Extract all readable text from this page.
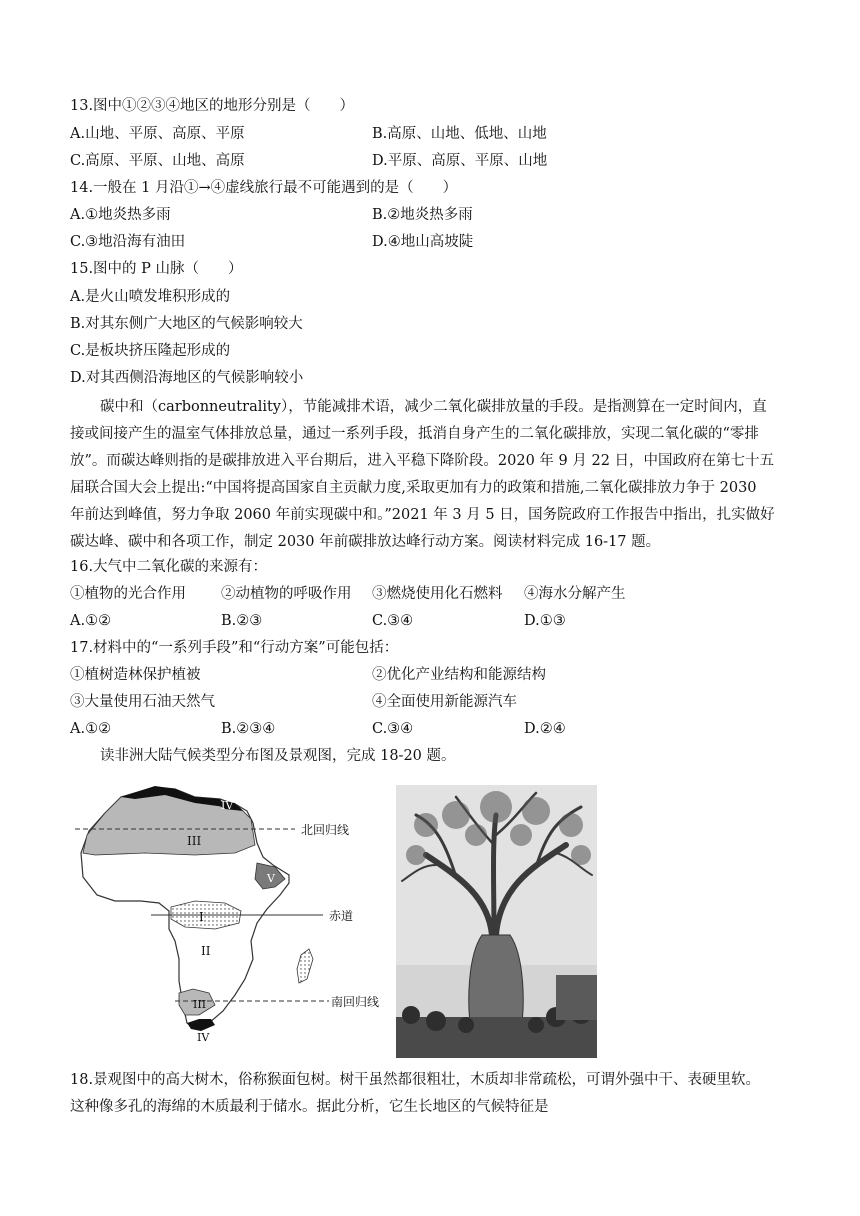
13.图中①②③④地区的地形分别是（　　）
A.山地、平原、高原、平原	B.高原、山地、低地、山地
C.高原、平原、山地、高原	D.平原、高原、平原、山地
14.一般在 1 月沿①→④虚线旅行最不可能遇到的是（　　）
A.①地炎热多雨	B.②地炎热多雨
C.③地沿海有油田	D.④地山高坡陡
15.图中的 P 山脉（　　）
A.是火山喷发堆积形成的
B.对其东侧广大地区的气候影响较大
C.是板块挤压隆起形成的
D.对其西侧沿海地区的气候影响较小
碳中和（carbonneutrality），节能减排术语，减少二氧化碳排放量的手段。是指测算在一定时间内，直
接或间接产生的温室气体排放总量，通过一系列手段，抵消自身产生的二氧化碳排放，实现二氧化碳的“零排
放”。而碳达峰则指的是碳排放进入平台期后，进入平稳下降阶段。2020 年 9 月 22 日，中国政府在第七十五
届联合国大会上提出:“中国将提高国家自主贡献力度,采取更加有力的政策和措施,二氧化碳排放力争于 2030
年前达到峰值，努力争取 2060 年前实现碳中和。”2021 年 3 月 5 日，国务院政府工作报告中指出，扎实做好
碳达峰、碳中和各项工作，制定 2030 年前碳排放达峰行动方案。阅读材料完成 16-17 题。
16.大气中二氧化碳的来源有：
①植物的光合作用 ②动植物的呼吸作用 ③燃烧使用化石燃料 ④海水分解产生
A.①②	B.②③	C.③④	D.①③
17.材料中的“一系列手段”和“行动方案”可能包括：
①植树造林保护植被	②优化产业结构和能源结构
③大量使用石油天然气	④全面使用新能源汽车
A.①②	B.②③④	C.③④	D.②④
读非洲大陆气候类型分布图及景观图，完成 18-20 题。
北回归线
赤道
南回归线
III
IV
V
I
II
III
IV
18.景观图中的高大树木，俗称猴面包树。树干虽然都很粗壮，木质却非常疏松，可谓外强中干、表硬里软。
这种像多孔的海绵的木质最利于储水。据此分析，它生长地区的气候特征是
